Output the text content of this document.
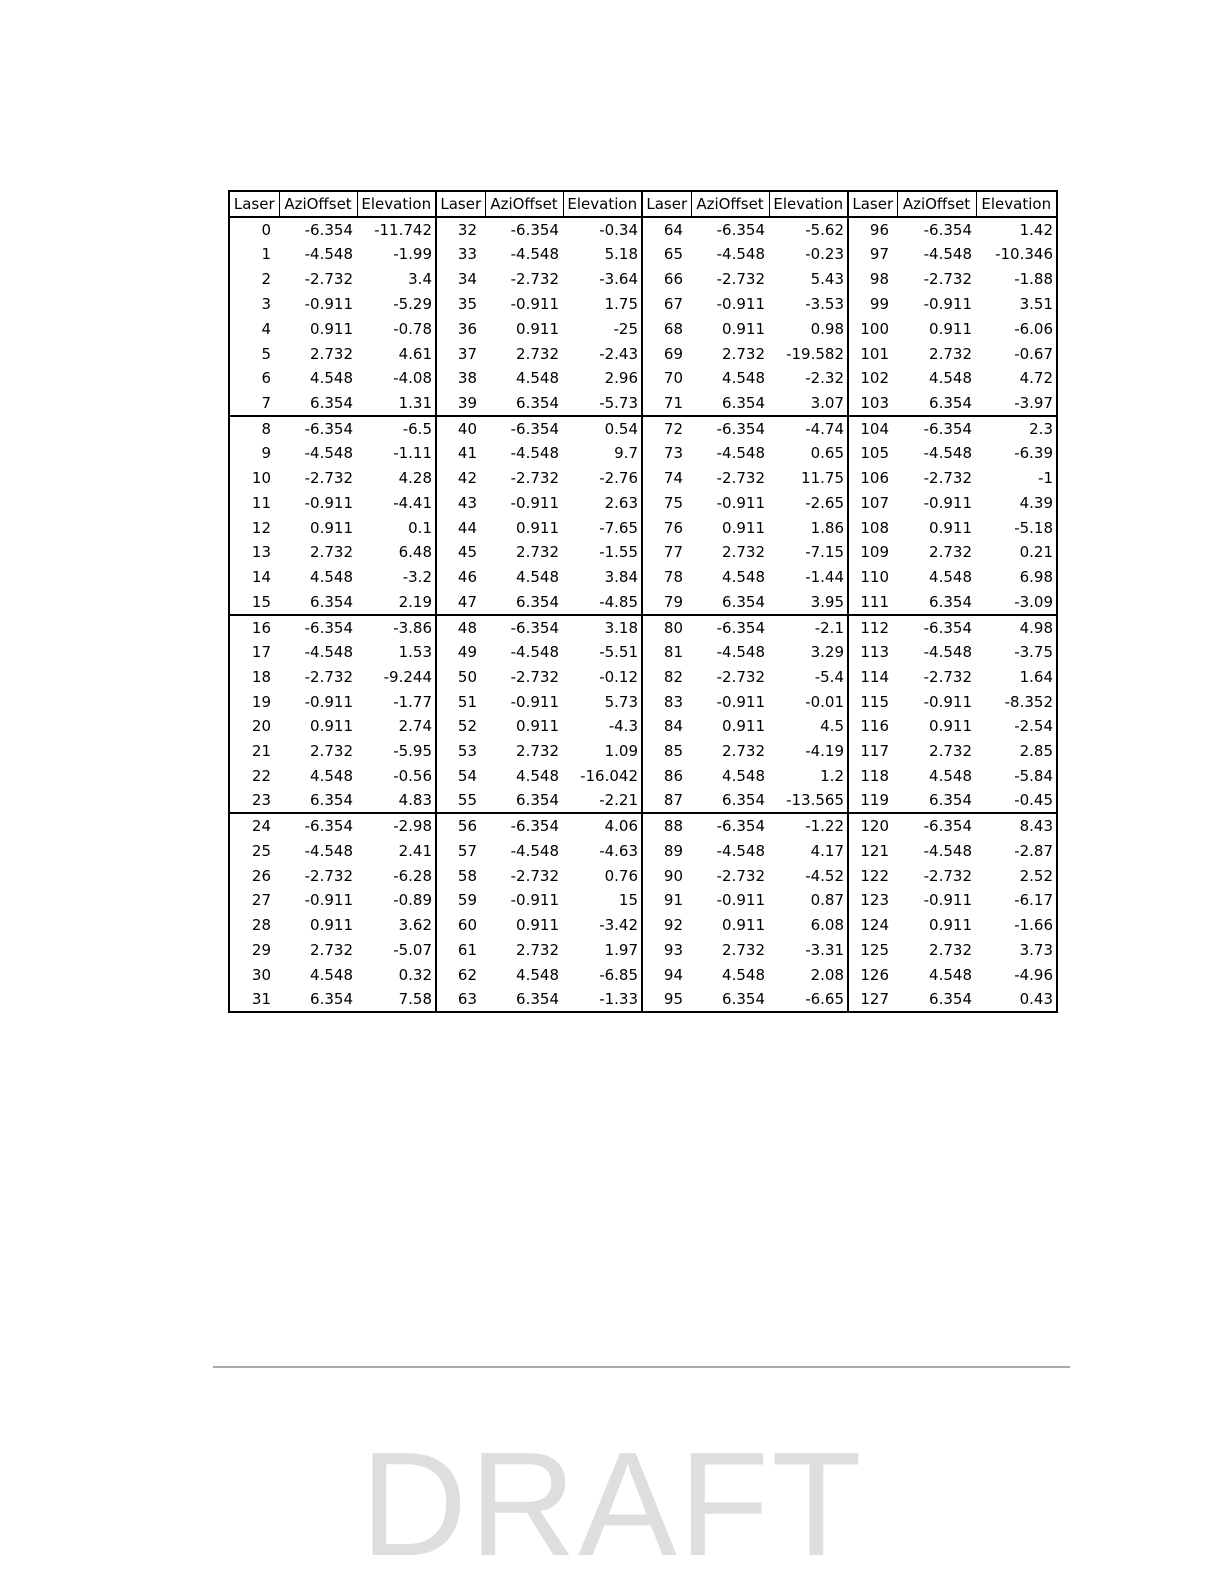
Laser	AziOffset	Elevation	Laser	AziOffset	Elevation	Laser	AziOffset	Elevation	Laser	AziOffset	Elevation
0	-6.354	-11.742	32	-6.354	-0.34	64	-6.354	-5.62	96	-6.354	1.42
1	-4.548	-1.99	33	-4.548	5.18	65	-4.548	-0.23	97	-4.548	-10.346
2	-2.732	3.4	34	-2.732	-3.64	66	-2.732	5.43	98	-2.732	-1.88
3	-0.911	-5.29	35	-0.911	1.75	67	-0.911	-3.53	99	-0.911	3.51
4	0.911	-0.78	36	0.911	-25	68	0.911	0.98	100	0.911	-6.06
5	2.732	4.61	37	2.732	-2.43	69	2.732	-19.582	101	2.732	-0.67
6	4.548	-4.08	38	4.548	2.96	70	4.548	-2.32	102	4.548	4.72
7	6.354	1.31	39	6.354	-5.73	71	6.354	3.07	103	6.354	-3.97
8	-6.354	-6.5	40	-6.354	0.54	72	-6.354	-4.74	104	-6.354	2.3
9	-4.548	-1.11	41	-4.548	9.7	73	-4.548	0.65	105	-4.548	-6.39
10	-2.732	4.28	42	-2.732	-2.76	74	-2.732	11.75	106	-2.732	-1
11	-0.911	-4.41	43	-0.911	2.63	75	-0.911	-2.65	107	-0.911	4.39
12	0.911	0.1	44	0.911	-7.65	76	0.911	1.86	108	0.911	-5.18
13	2.732	6.48	45	2.732	-1.55	77	2.732	-7.15	109	2.732	0.21
14	4.548	-3.2	46	4.548	3.84	78	4.548	-1.44	110	4.548	6.98
15	6.354	2.19	47	6.354	-4.85	79	6.354	3.95	111	6.354	-3.09
16	-6.354	-3.86	48	-6.354	3.18	80	-6.354	-2.1	112	-6.354	4.98
17	-4.548	1.53	49	-4.548	-5.51	81	-4.548	3.29	113	-4.548	-3.75
18	-2.732	-9.244	50	-2.732	-0.12	82	-2.732	-5.4	114	-2.732	1.64
19	-0.911	-1.77	51	-0.911	5.73	83	-0.911	-0.01	115	-0.911	-8.352
20	0.911	2.74	52	0.911	-4.3	84	0.911	4.5	116	0.911	-2.54
21	2.732	-5.95	53	2.732	1.09	85	2.732	-4.19	117	2.732	2.85
22	4.548	-0.56	54	4.548	-16.042	86	4.548	1.2	118	4.548	-5.84
23	6.354	4.83	55	6.354	-2.21	87	6.354	-13.565	119	6.354	-0.45
24	-6.354	-2.98	56	-6.354	4.06	88	-6.354	-1.22	120	-6.354	8.43
25	-4.548	2.41	57	-4.548	-4.63	89	-4.548	4.17	121	-4.548	-2.87
26	-2.732	-6.28	58	-2.732	0.76	90	-2.732	-4.52	122	-2.732	2.52
27	-0.911	-0.89	59	-0.911	15	91	-0.911	0.87	123	-0.911	-6.17
28	0.911	3.62	60	0.911	-3.42	92	0.911	6.08	124	0.911	-1.66
29	2.732	-5.07	61	2.732	1.97	93	2.732	-3.31	125	2.732	3.73
30	4.548	0.32	62	4.548	-6.85	94	4.548	2.08	126	4.548	-4.96
31	6.354	7.58	63	6.354	-1.33	95	6.354	-6.65	127	6.354	0.43
DRAFT
